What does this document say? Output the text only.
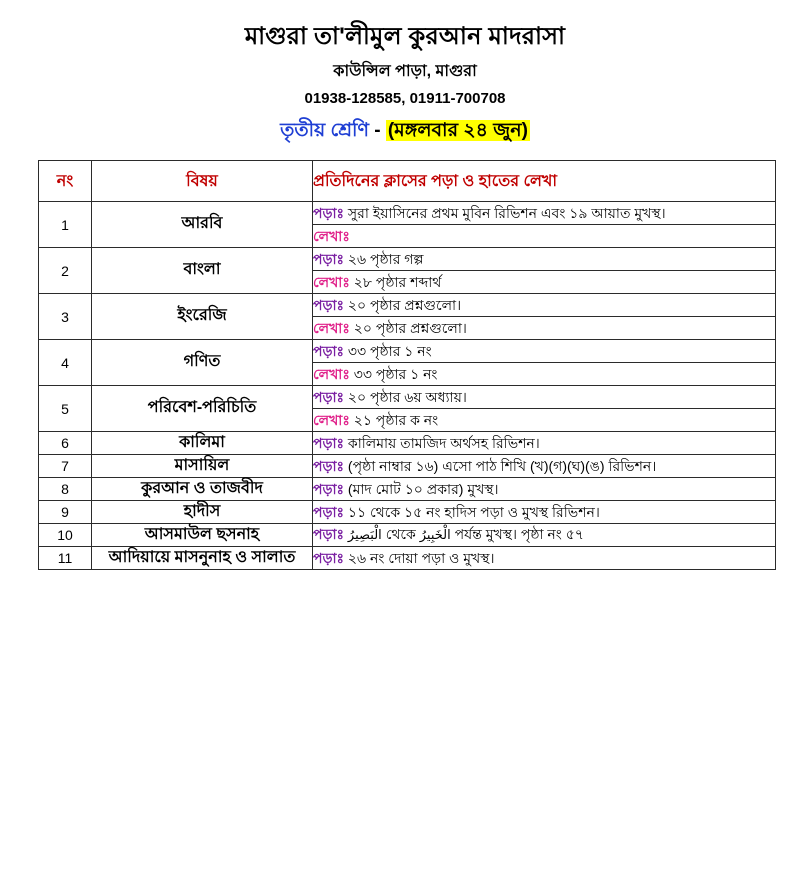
মাগুরা তা'লীমুল কুরআন মাদরাসা
কাউন্সিল পাড়া, মাগুরা
01938-128585, 01911-700708
তৃতীয় শ্রেণি - (মঙ্গলবার ২৪ জুন)
নং	বিষয়	প্রতিদিনের ক্লাসের পড়া ও হাতের লেখা
1	আরবি	পড়াঃ সুরা ইয়াসিনের প্রথম মুবিন রিভিশন এবং ১৯ আয়াত মুখস্থ।
		লেখাঃ
2	বাংলা	পড়াঃ ২৬ পৃষ্ঠার গল্প
		লেখাঃ ২৮ পৃষ্ঠার শব্দার্থ
3	ইংরেজি	পড়াঃ ২০ পৃষ্ঠার প্রশ্নগুলো।
		লেখাঃ ২০ পৃষ্ঠার প্রশ্নগুলো।
4	গণিত	পড়াঃ ৩৩ পৃষ্ঠার ১ নং
		লেখাঃ ৩৩ পৃষ্ঠার ১ নং
5	পরিবেশ-পরিচিতি	পড়াঃ ২০ পৃষ্ঠার ৬য় অধ্যায়।
		লেখাঃ ২১ পৃষ্ঠার ক নং
6	কালিমা	পড়াঃ কালিমায় তামজিদ অর্থসহ রিভিশন।
7	মাসায়িল	পড়াঃ (পৃষ্ঠা নাম্বার ১৬) এসো পাঠ শিখি (খ)(গ)(ঘ)(ঙ) রিভিশন।
8	কুরআন ও তাজবীদ	পড়াঃ (মাদ মোট ১০ প্রকার) মুখস্থ।
9	হাদীস	পড়াঃ ১১ থেকে ১৫ নং হাদিস পড়া ও মুখস্থ রিভিশন।
10	আসমাউল ছসনাহ	পড়াঃ الْبَصِيرُ থেকে الْخَبِيرُ পর্যন্ত মুখস্থ। পৃষ্ঠা নং ৫৭
11	আদিয়ায়ে মাসনুনাহ ও সালাত	পড়াঃ ২৬ নং দোয়া পড়া ও মুখস্থ।
